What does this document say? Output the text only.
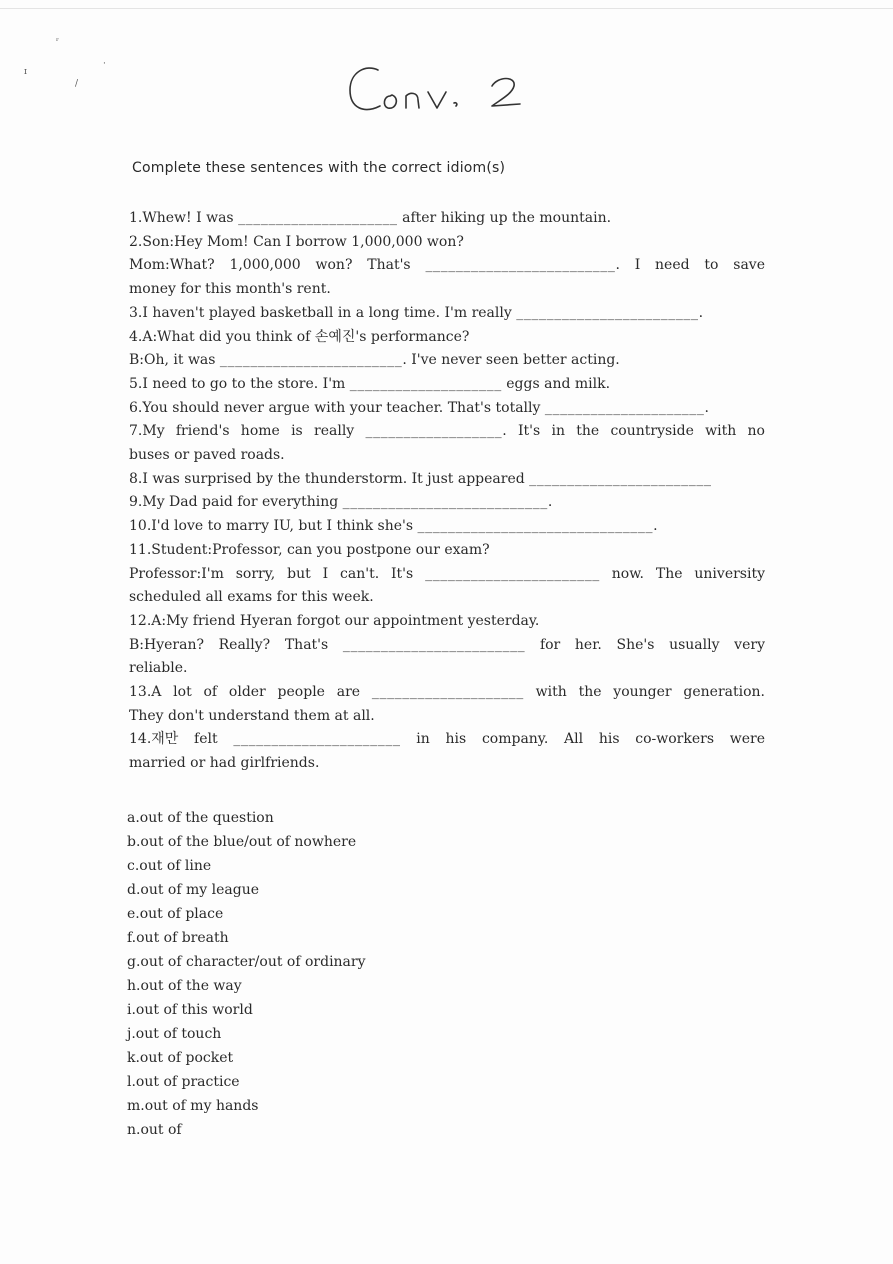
ʳ
·
ɪ
/

Complete these sentences with the correct idiom(s)

1.Whew! I was _____________________ after hiking up the mountain.
2.Son:Hey Mom! Can I borrow 1,000,000 won?
Mom:What? 1,000,000 won? That's _________________________. I need to save
money for this month's rent.
3.I haven't played basketball in a long time. I'm really ________________________.
4.A:What did you think of 손예진's performance?
B:Oh, it was ________________________. I've never seen better acting.
5.I need to go to the store. I'm ____________________ eggs and milk.
6.You should never argue with your teacher. That's totally _____________________.
7.My friend's home is really __________________. It's in the countryside with no
buses or paved roads.
8.I was surprised by the thunderstorm. It just appeared ________________________
9.My Dad paid for everything ___________________________.
10.I'd love to marry IU, but I think she's _______________________________.
11.Student:Professor, can you postpone our exam?
Professor:I'm sorry, but I can't. It's _______________________ now. The university
scheduled all exams for this week.
12.A:My friend Hyeran forgot our appointment yesterday.
B:Hyeran? Really? That's ________________________ for her. She's usually very
reliable.
13.A lot of older people are ____________________ with the younger generation.
They don't understand them at all.
14.재만 felt ______________________ in his company. All his co-workers were
married or had girlfriends.
a.out of the question
b.out of the blue/out of nowhere
c.out of line
d.out of my league
e.out of place
f.out of breath
g.out of character/out of ordinary
h.out of the way
i.out of this world
j.out of touch
k.out of pocket
l.out of practice
m.out of my hands
n.out of
